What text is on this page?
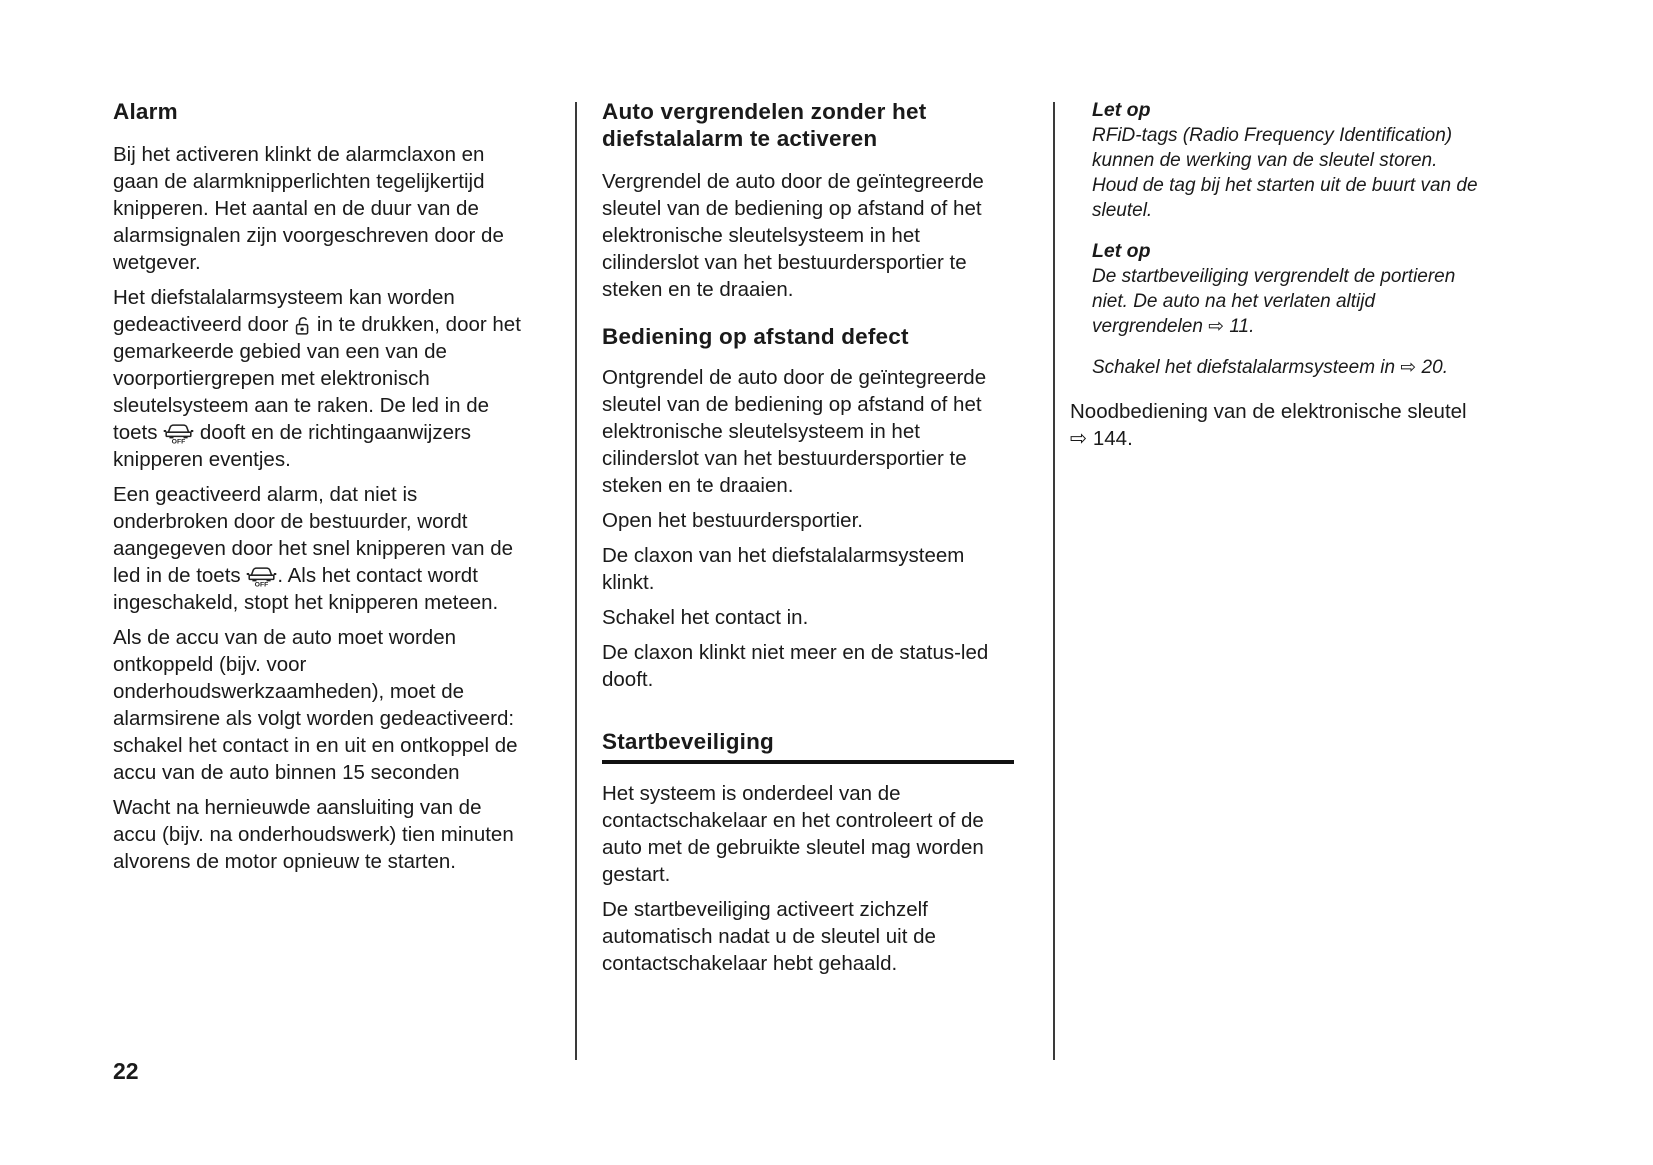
Alarm

Bij het activeren klinkt de alarmclaxon en gaan de alarmknipperlichten tegelijkertijd knipperen. Het aantal en de duur van de alarmsignalen zijn voorgeschreven door de wetgever.

Het diefstalalarmsysteem kan worden gedeactiveerd door  in te drukken, door het gemarkeerde gebied van een van de voorportiergrepen met elektronisch sleutelsysteem aan te raken. De led in de toets OFF dooft en de richtingaanwijzers knipperen eventjes.

Een geactiveerd alarm, dat niet is onderbroken door de bestuurder, wordt aangegeven door het snel knipperen van de led in de toets OFF . Als het contact wordt ingeschakeld, stopt het knipperen meteen.

Als de accu van de auto moet worden ontkoppeld (bijv. voor onderhoudswerkzaamheden), moet de alarmsirene als volgt worden gedeactiveerd: schakel het contact in en uit en ontkoppel de accu van de auto binnen 15 seconden

Wacht na hernieuwde aansluiting van de accu (bijv. na onderhoudswerk) tien minuten alvorens de motor opnieuw te starten.

Auto vergrendelen zonder het diefstalalarm te activeren

Vergrendel de auto door de geïntegreerde sleutel van de bediening op afstand of het elektronische sleutelsysteem in het cilinderslot van het bestuurdersportier te steken en te draaien.

Bediening op afstand defect

Ontgrendel de auto door de geïntegreerde sleutel van de bediening op afstand of het elektronische sleutelsysteem in het cilinderslot van het bestuurdersportier te steken en te draaien.

Open het bestuurdersportier.

De claxon van het diefstalalarmsysteem klinkt.

Schakel het contact in.

De claxon klinkt niet meer en de status-led dooft.

Startbeveiliging

Het systeem is onderdeel van de contactschakelaar en het controleert of de auto met de gebruikte sleutel mag worden gestart.

De startbeveiliging activeert zichzelf automatisch nadat u de sleutel uit de contactschakelaar hebt gehaald.

Let op

RFiD-tags (Radio Frequency Identification) kunnen de werking van de sleutel storen. Houd de tag bij het starten uit de buurt van de sleutel.

Let op

De startbeveiliging vergrendelt de portieren niet. De auto na het verlaten altijd vergrendelen ⇨ 11.

Schakel het diefstalalarmsysteem in ⇨ 20.

Noodbediening van de elektronische sleutel ⇨ 144.

22
